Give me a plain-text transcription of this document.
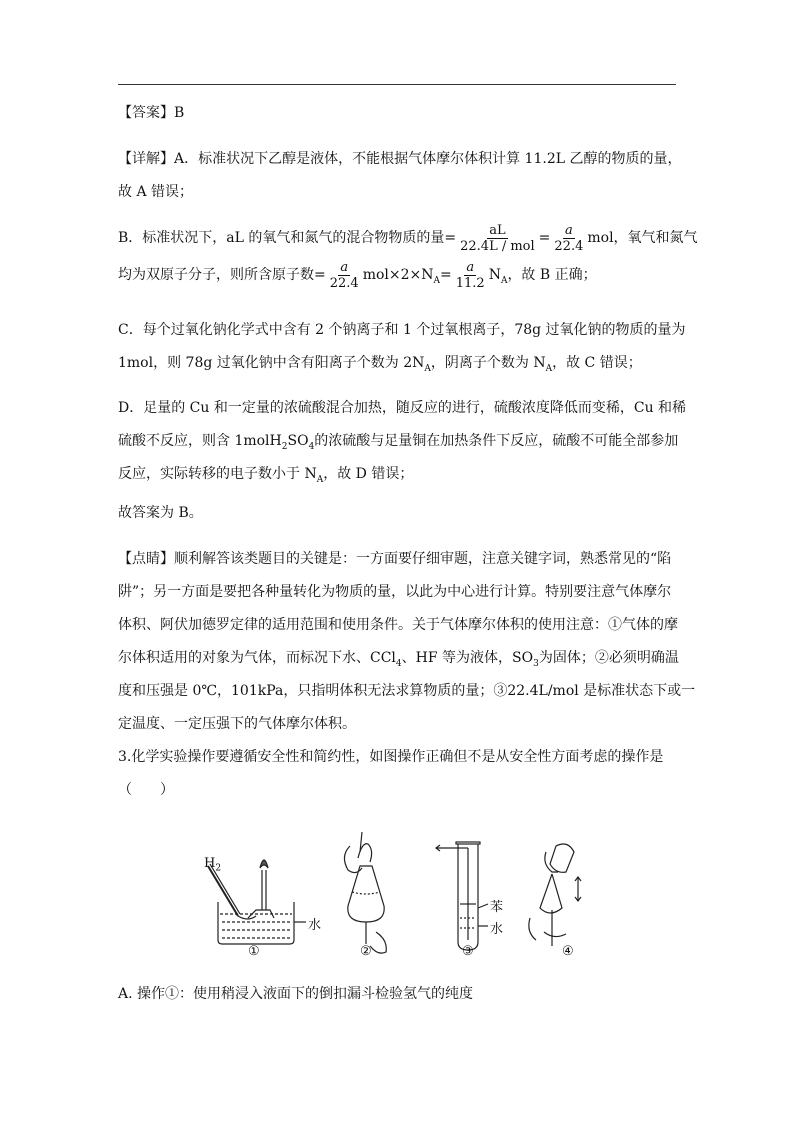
【答案】B
【详解】A．标准状况下乙醇是液体，不能根据气体摩尔体积计算 11.2L 乙醇的物质的量，
故 A 错误；
B．标准状况下，aL 的氧气和氮气的混合物物质的量= $\frac{aL}{\text{22.4L / mol}} = \frac{a}{22.4}$ mol，氧气和氮气
均为双原子分子，则所含原子数= $\frac{a}{22.4} mol\times 2\times N_A= \frac{a}{11.2} N_A$，故 B 正确；
C．每个过氧化钠化学式中含有 2 个钠离子和 1 个过氧根离子，78g 过氧化钠的物质的量为
1mol，则 78g 过氧化钠中含有阳离子个数为 $2N_A$，阴离子个数为 $N_A$，故 C 错误；
D．足量的 Cu 和一定量的浓硫酸混合加热，随反应的进行，硫酸浓度降低而变稀，Cu 和稀
硫酸不反应，则含 $1molH_2SO_4$的浓硫酸与足量铜在加热条件下反应，硫酸不可能全部参加
反应，实际转移的电子数小于 $N_A$，故 D 错误；
故答案为 B。
【点睛】顺利解答该类题目的关键是：一方面要仔细审题，注意关键字词，熟悉常见的“陷
阱”；另一方面是要把各种量转化为物质的量，以此为中心进行计算。特别要注意气体摩尔
体积、阿伏加德罗定律的适用范围和使用条件。关于气体摩尔体积的使用注意：①气体的摩
尔体积适用的对象为气体，而标况下水、CCl$_4$、HF 等为液体，$SO_3$为固体；②必须明确温
度和压强是 0℃，101kPa，只指明体积无法求算物质的量；③22.4L/mol 是标准状态下或一
定温度、一定压强下的气体摩尔体积。
3.化学实验操作要遵循安全性和简约性，如图操作正确但不是从安全性方面考虑的操作是
（　　）
$H_2$
水
苯
水
①	②	③	④
A. 操作①：使用稍浸入液面下的倒扣漏斗检验氢气的纯度
